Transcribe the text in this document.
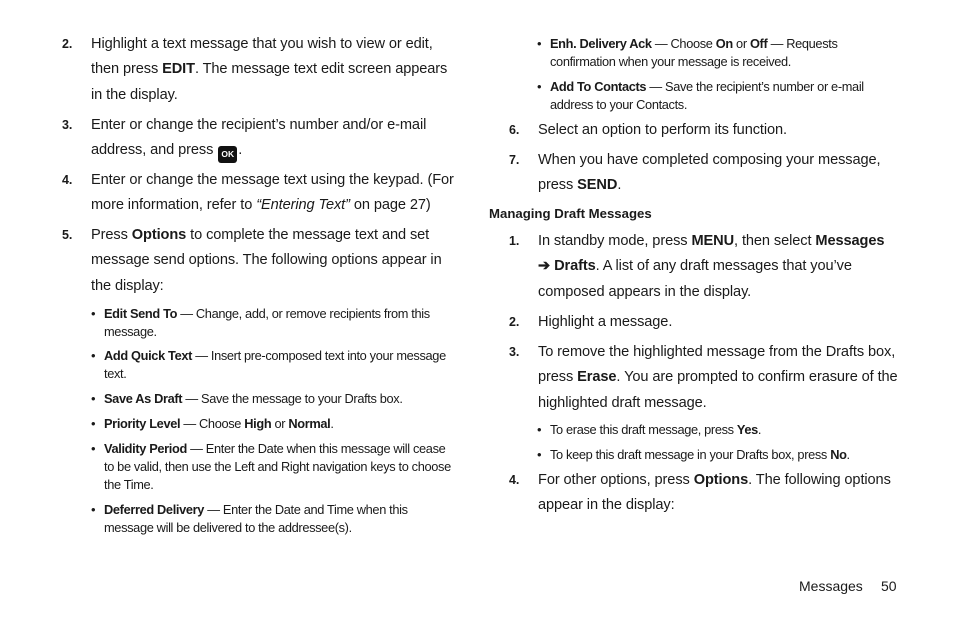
2. Highlight a text message that you wish to view or edit, then press EDIT. The message text edit screen appears in the display.
3. Enter or change the recipient’s number and/or e-mail address, and press OK .
4. Enter or change the message text using the keypad. (For more information, refer to “Entering Text” on page 27)
5. Press Options to complete the message text and set message send options. The following options appear in the display:
• Edit Send To — Change, add, or remove recipients from this message.
• Add Quick Text — Insert pre-composed text into your message text.
• Save As Draft — Save the message to your Drafts box.
• Priority Level — Choose High or Normal.
• Validity Period — Enter the Date when this message will cease to be valid, then use the Left and Right navigation keys to choose the Time.
• Deferred Delivery — Enter the Date and Time when this message will be delivered to the addressee(s).
• Enh. Delivery Ack — Choose On or Off — Requests confirmation when your message is received.
• Add To Contacts — Save the recipient’s number or e-mail address to your Contacts.
6. Select an option to perform its function.
7. When you have completed composing your message, press SEND.
Managing Draft Messages
1. In standby mode, press MENU, then select Messages ➔ Drafts. A list of any draft messages that you’ve composed appears in the display.
2. Highlight a message.
3. To remove the highlighted message from the Drafts box, press Erase. You are prompted to confirm erasure of the highlighted draft message.
• To erase this draft message, press Yes.
• To keep this draft message in your Drafts box, press No.
4. For other options, press Options. The following options appear in the display:
Messages 50
